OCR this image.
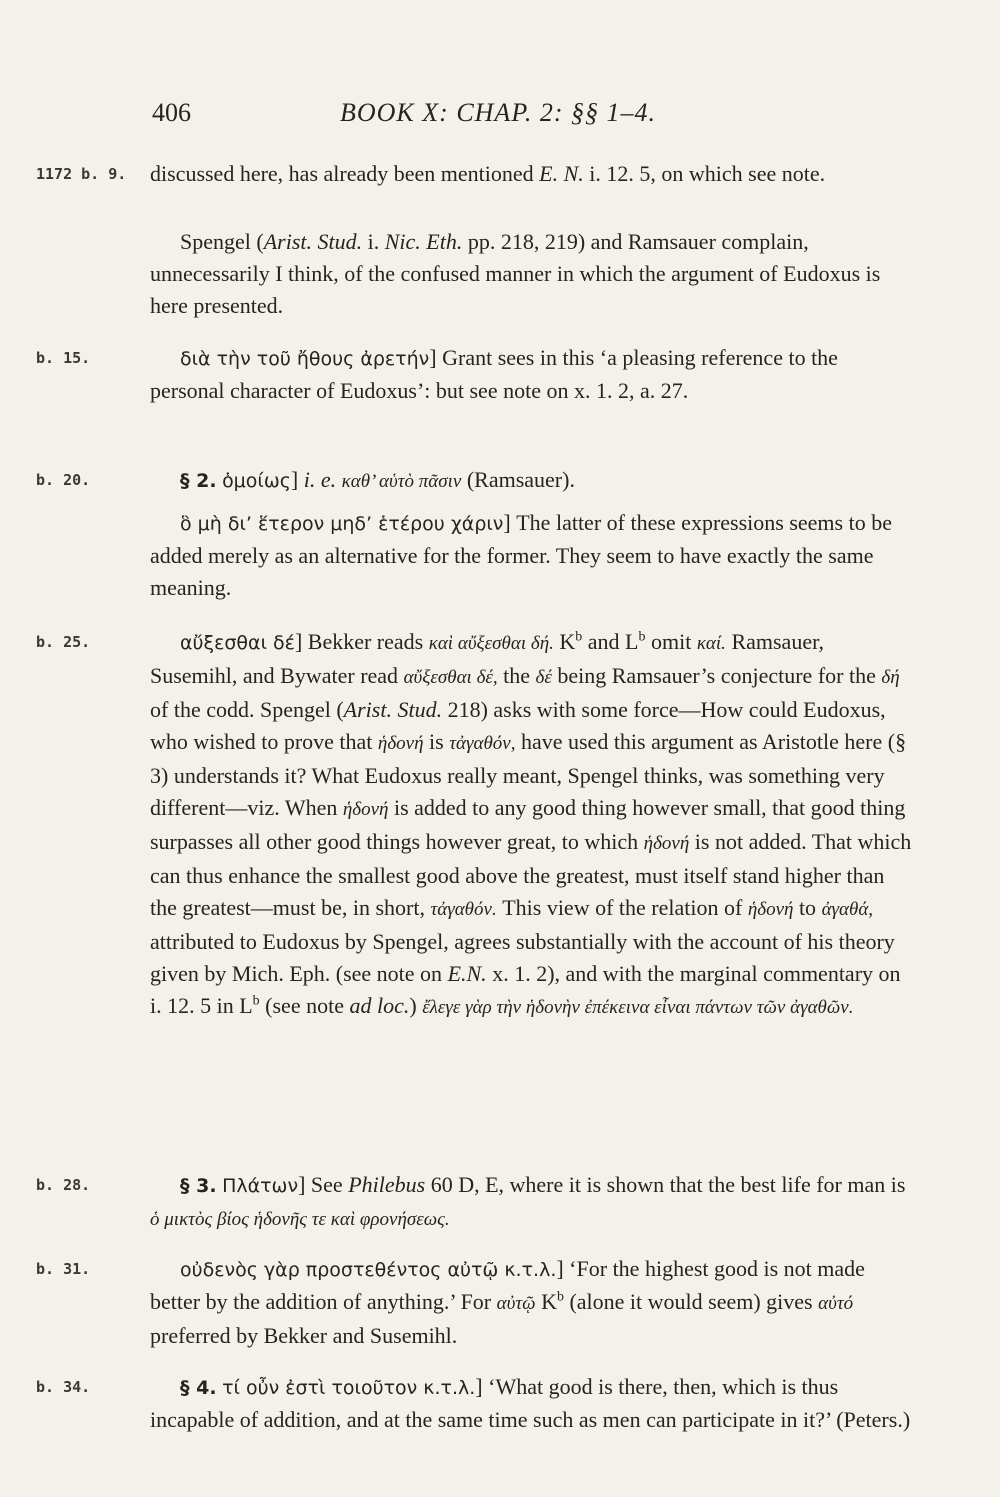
406	BOOK X: CHAP. 2: §§ 1–4.
1172 b. 9.	discussed here, has already been mentioned E. N. i. 12. 5, on which see note.

Spengel (Arist. Stud. i. Nic. Eth. pp. 218, 219) and Ramsauer complain, unnecessarily I think, of the confused manner in which the argument of Eudoxus is here presented.

b. 15.	διὰ τὴν τοῦ ἤθους ἀρετήν] Grant sees in this ‘a pleasing reference to the personal character of Eudoxus’: but see note on x. 1. 2, a. 27.

b. 20.	§ 2. ὁμοίως] i. e. καθ’ αὑτὸ πᾶσιν (Ramsauer).

ὃ μὴ δι’ ἕτερον μηδ’ ἑτέρου χάριν] The latter of these expressions seems to be added merely as an alternative for the former. They seem to have exactly the same meaning.

b. 25.	αὔξεσθαι δέ] Bekker reads καὶ αὔξεσθαι δή. $K^b$ and $L^b$ omit καί. Ramsauer, Susemihl, and Bywater read αὔξεσθαι δέ, the δέ being Ramsauer’s conjecture for the δή of the codd. Spengel (Arist. Stud. 218) asks with some force—How could Eudoxus, who wished to prove that ἡδονή is τἀγαθόν, have used this argument as Aristotle here (§ 3) understands it? What Eudoxus really meant, Spengel thinks, was something very different—viz. When ἡδονή is added to any good thing however small, that good thing surpasses all other good things however great, to which ἡδονή is not added. That which can thus enhance the smallest good above the greatest, must itself stand higher than the greatest—must be, in short, τἀγαθόν. This view of the relation of ἡδονή to ἀγαθά, attributed to Eudoxus by Spengel, agrees substantially with the account of his theory given by Mich. Eph. (see note on E.N. x. 1. 2), and with the marginal commentary on i. 12. 5 in $L^b$ (see note ad loc.) ἔλεγε γὰρ τὴν ἡδονὴν ἐπέκεινα εἶναι πάντων τῶν ἀγαθῶν.

b. 28.	§ 3. Πλάτων] See Philebus 60 D, E, where it is shown that the best life for man is ὁ μικτὸς βίος ἡδονῆς τε καὶ φρονήσεως.

b. 31.	οὐδενὸς γὰρ προστεθέντος αὐτῷ κ.τ.λ.] ‘For the highest good is not made better by the addition of anything.’ For αὐτῷ $K^b$ (alone it would seem) gives αὐτό preferred by Bekker and Susemihl.

b. 34.	§ 4. τί οὖν ἐστὶ τοιοῦτον κ.τ.λ.] ‘What good is there, then, which is thus incapable of addition, and at the same time such as men can participate in it?’ (Peters.)
